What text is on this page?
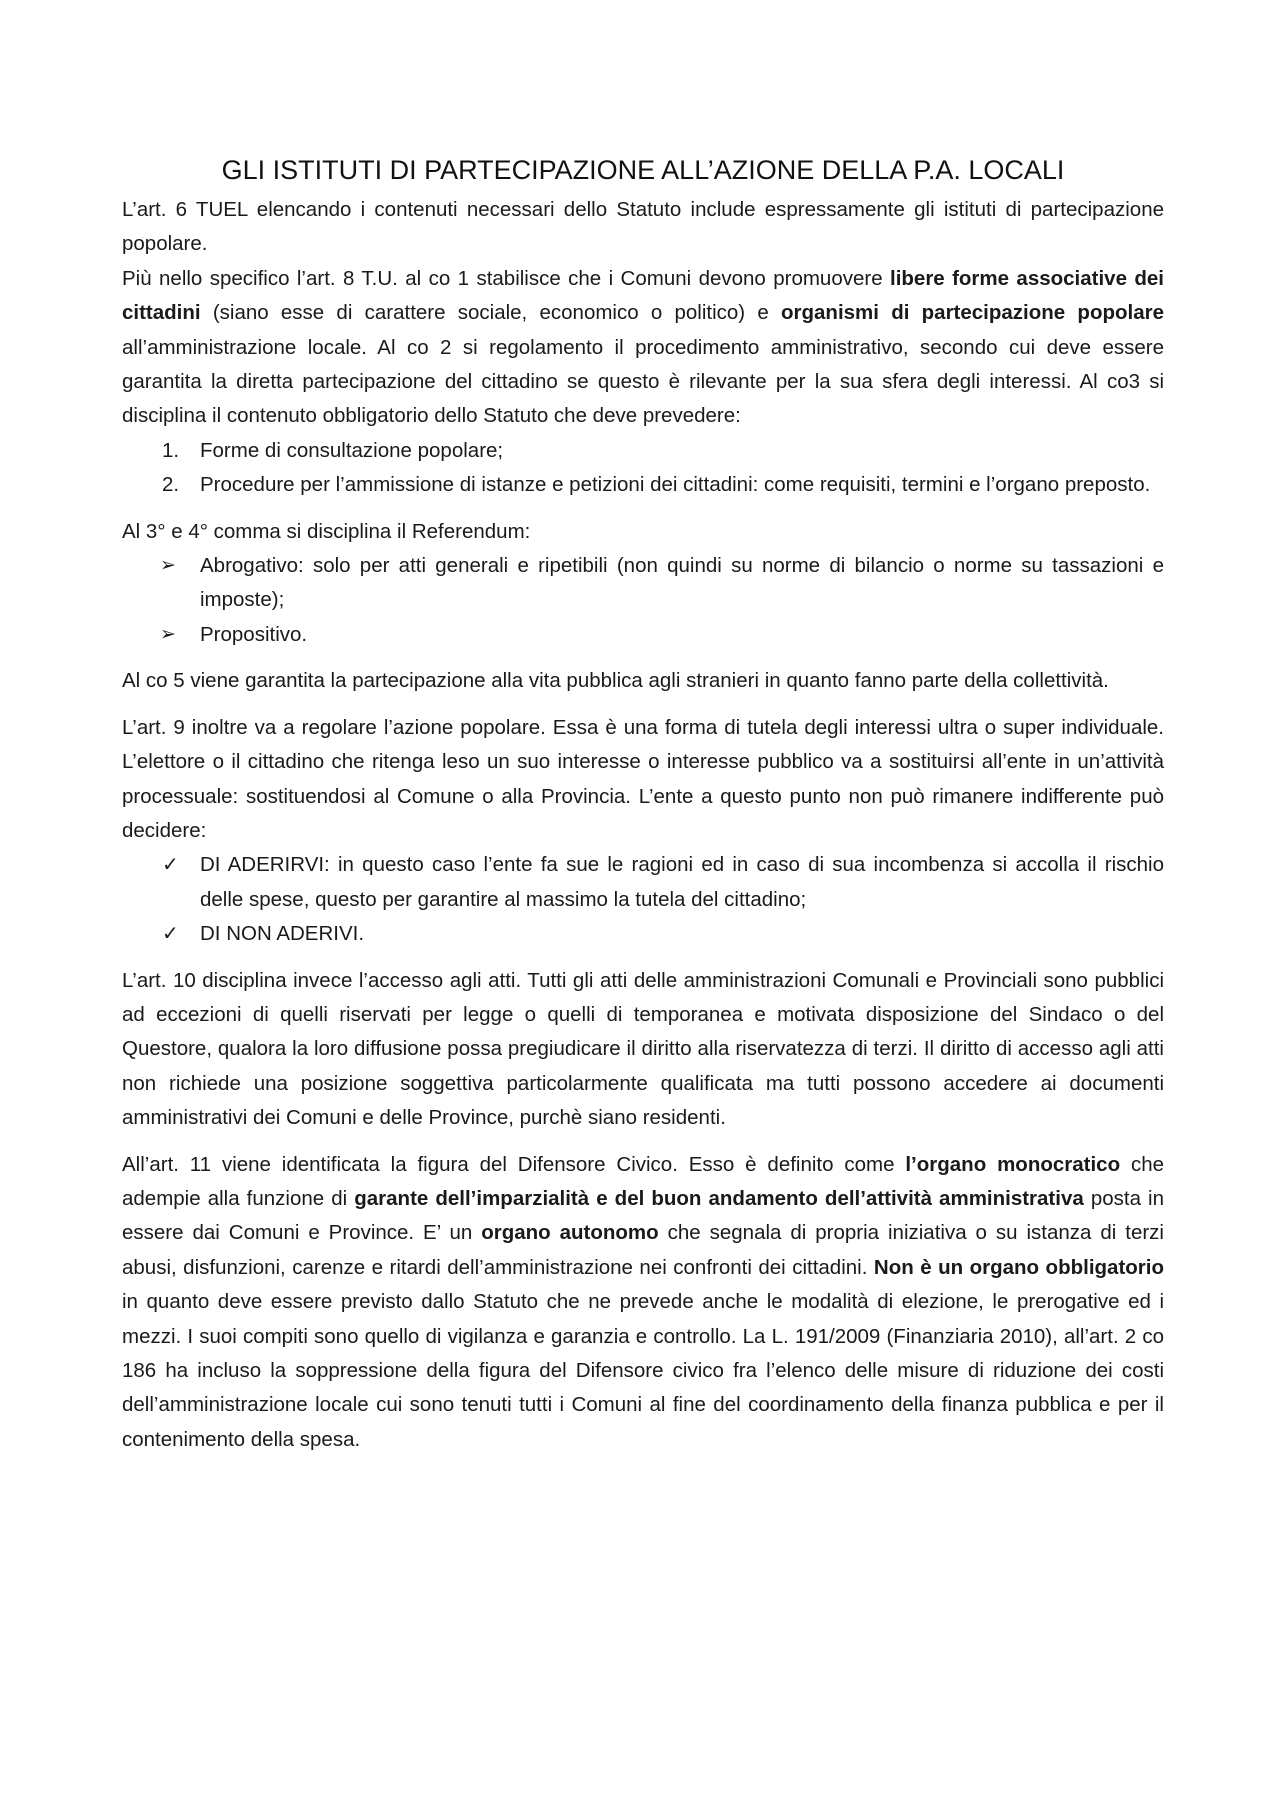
GLI ISTITUTI DI PARTECIPAZIONE ALL’AZIONE DELLA P.A. LOCALI

L’art. 6 TUEL elencando i contenuti necessari dello Statuto include espressamente gli istituti di partecipazione popolare.

Più nello specifico l’art. 8 T.U. al co 1 stabilisce che i Comuni devono promuovere libere forme associative dei cittadini (siano esse di carattere sociale, economico o politico) e organismi di partecipazione popolare all’amministrazione locale. Al co 2 si regolamento il procedimento amministrativo, secondo cui deve essere garantita la diretta partecipazione del cittadino se questo è rilevante per la sua sfera degli interessi. Al co3 si disciplina il contenuto obbligatorio dello Statuto che deve prevedere:

1. Forme di consultazione popolare;
2. Procedure per l’ammissione di istanze e petizioni dei cittadini: come requisiti, termini e l’organo preposto.

Al 3° e 4° comma si disciplina il Referendum:

➢ Abrogativo: solo per atti generali e ripetibili (non quindi su norme di bilancio o norme su tassazioni e imposte);
➢ Propositivo.

Al co 5 viene garantita la partecipazione alla vita pubblica agli stranieri in quanto fanno parte della collettività.

L’art. 9 inoltre va a regolare l’azione popolare. Essa è una forma di tutela degli interessi ultra o super individuale. L’elettore o il cittadino che ritenga leso un suo interesse o interesse pubblico va a sostituirsi all’ente in un’attività processuale: sostituendosi al Comune o alla Provincia. L’ente a questo punto non può rimanere indifferente può decidere:

✓ DI ADERIRVI: in questo caso l’ente fa sue le ragioni ed in caso di sua incombenza si accolla il rischio delle spese, questo per garantire al massimo la tutela del cittadino;
✓ DI NON ADERIVI.

L’art. 10 disciplina invece l’accesso agli atti. Tutti gli atti delle amministrazioni Comunali e Provinciali sono pubblici ad eccezioni di quelli riservati per legge o quelli di temporanea e motivata disposizione del Sindaco o del Questore, qualora la loro diffusione possa pregiudicare il diritto alla riservatezza di terzi. Il diritto di accesso agli atti non richiede una posizione soggettiva particolarmente qualificata ma tutti possono accedere ai documenti amministrativi dei Comuni e delle Province, purchè siano residenti.

All’art. 11 viene identificata la figura del Difensore Civico. Esso è definito come l’organo monocratico che adempie alla funzione di garante dell’imparzialità e del buon andamento dell’attività amministrativa posta in essere dai Comuni e Province. E’ un organo autonomo che segnala di propria iniziativa o su istanza di terzi abusi, disfunzioni, carenze e ritardi dell’amministrazione nei confronti dei cittadini. Non è un organo obbligatorio in quanto deve essere previsto dallo Statuto che ne prevede anche le modalità di elezione, le prerogative ed i mezzi. I suoi compiti sono quello di vigilanza e garanzia e controllo. La L. 191/2009 (Finanziaria 2010), all’art. 2 co 186 ha incluso la soppressione della figura del Difensore civico fra l’elenco delle misure di riduzione dei costi dell’amministrazione locale cui sono tenuti tutti i Comuni al fine del coordinamento della finanza pubblica e per il contenimento della spesa.
